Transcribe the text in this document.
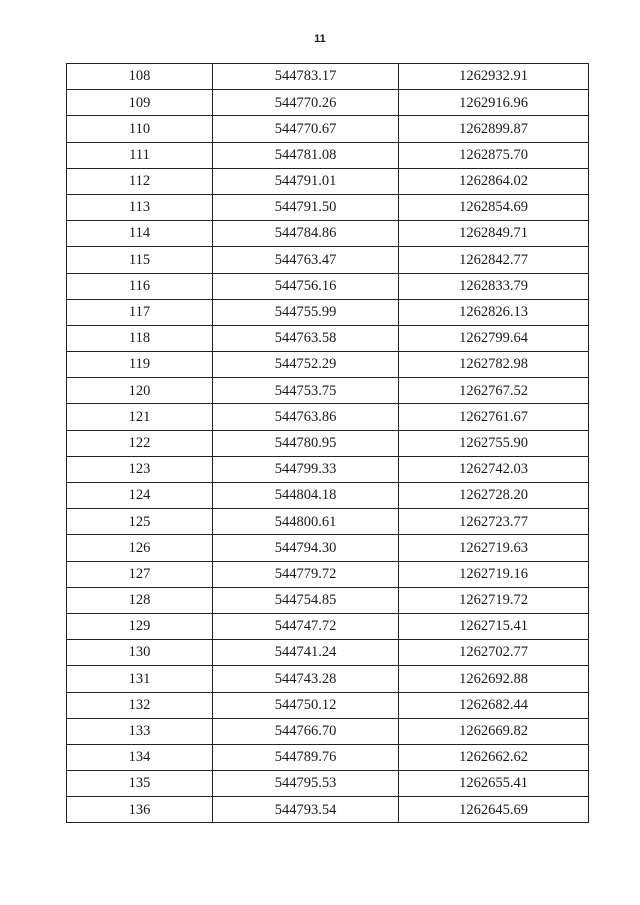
11
108	544783.17	1262932.91
109	544770.26	1262916.96
110	544770.67	1262899.87
111	544781.08	1262875.70
112	544791.01	1262864.02
113	544791.50	1262854.69
114	544784.86	1262849.71
115	544763.47	1262842.77
116	544756.16	1262833.79
117	544755.99	1262826.13
118	544763.58	1262799.64
119	544752.29	1262782.98
120	544753.75	1262767.52
121	544763.86	1262761.67
122	544780.95	1262755.90
123	544799.33	1262742.03
124	544804.18	1262728.20
125	544800.61	1262723.77
126	544794.30	1262719.63
127	544779.72	1262719.16
128	544754.85	1262719.72
129	544747.72	1262715.41
130	544741.24	1262702.77
131	544743.28	1262692.88
132	544750.12	1262682.44
133	544766.70	1262669.82
134	544789.76	1262662.62
135	544795.53	1262655.41
136	544793.54	1262645.69
